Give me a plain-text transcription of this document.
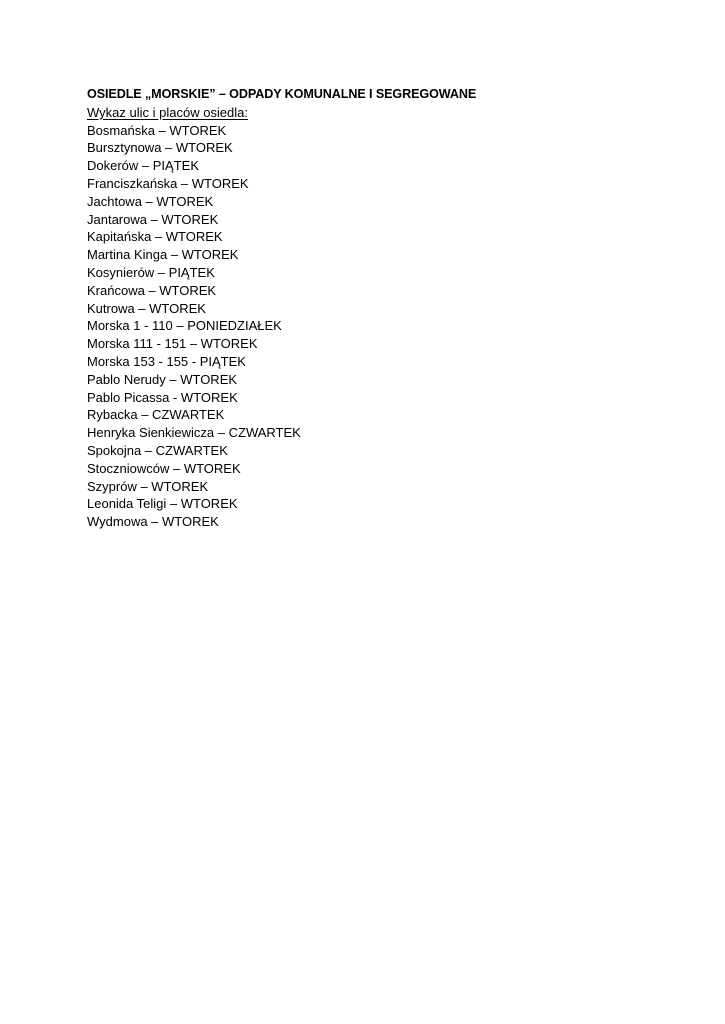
OSIEDLE „MORSKIE” – ODPADY KOMUNALNE I SEGREGOWANE
Wykaz ulic i placów osiedla:
Bosmańska – WTOREK
Bursztynowa – WTOREK
Dokerów – PIĄTEK
Franciszkańska – WTOREK
Jachtowa – WTOREK
Jantarowa – WTOREK
Kapitańska – WTOREK
Martina Kinga – WTOREK
Kosynierów – PIĄTEK
Krańcowa – WTOREK
Kutrowa – WTOREK
Morska 1 - 110 – PONIEDZIAŁEK
Morska 111 - 151 – WTOREK
Morska 153 - 155 - PIĄTEK
Pablo Nerudy – WTOREK
Pablo Picassa - WTOREK
Rybacka – CZWARTEK
Henryka Sienkiewicza – CZWARTEK
Spokojna – CZWARTEK
Stoczniowców – WTOREK
Szyprów – WTOREK
Leonida Teligi – WTOREK
Wydmowa – WTOREK
